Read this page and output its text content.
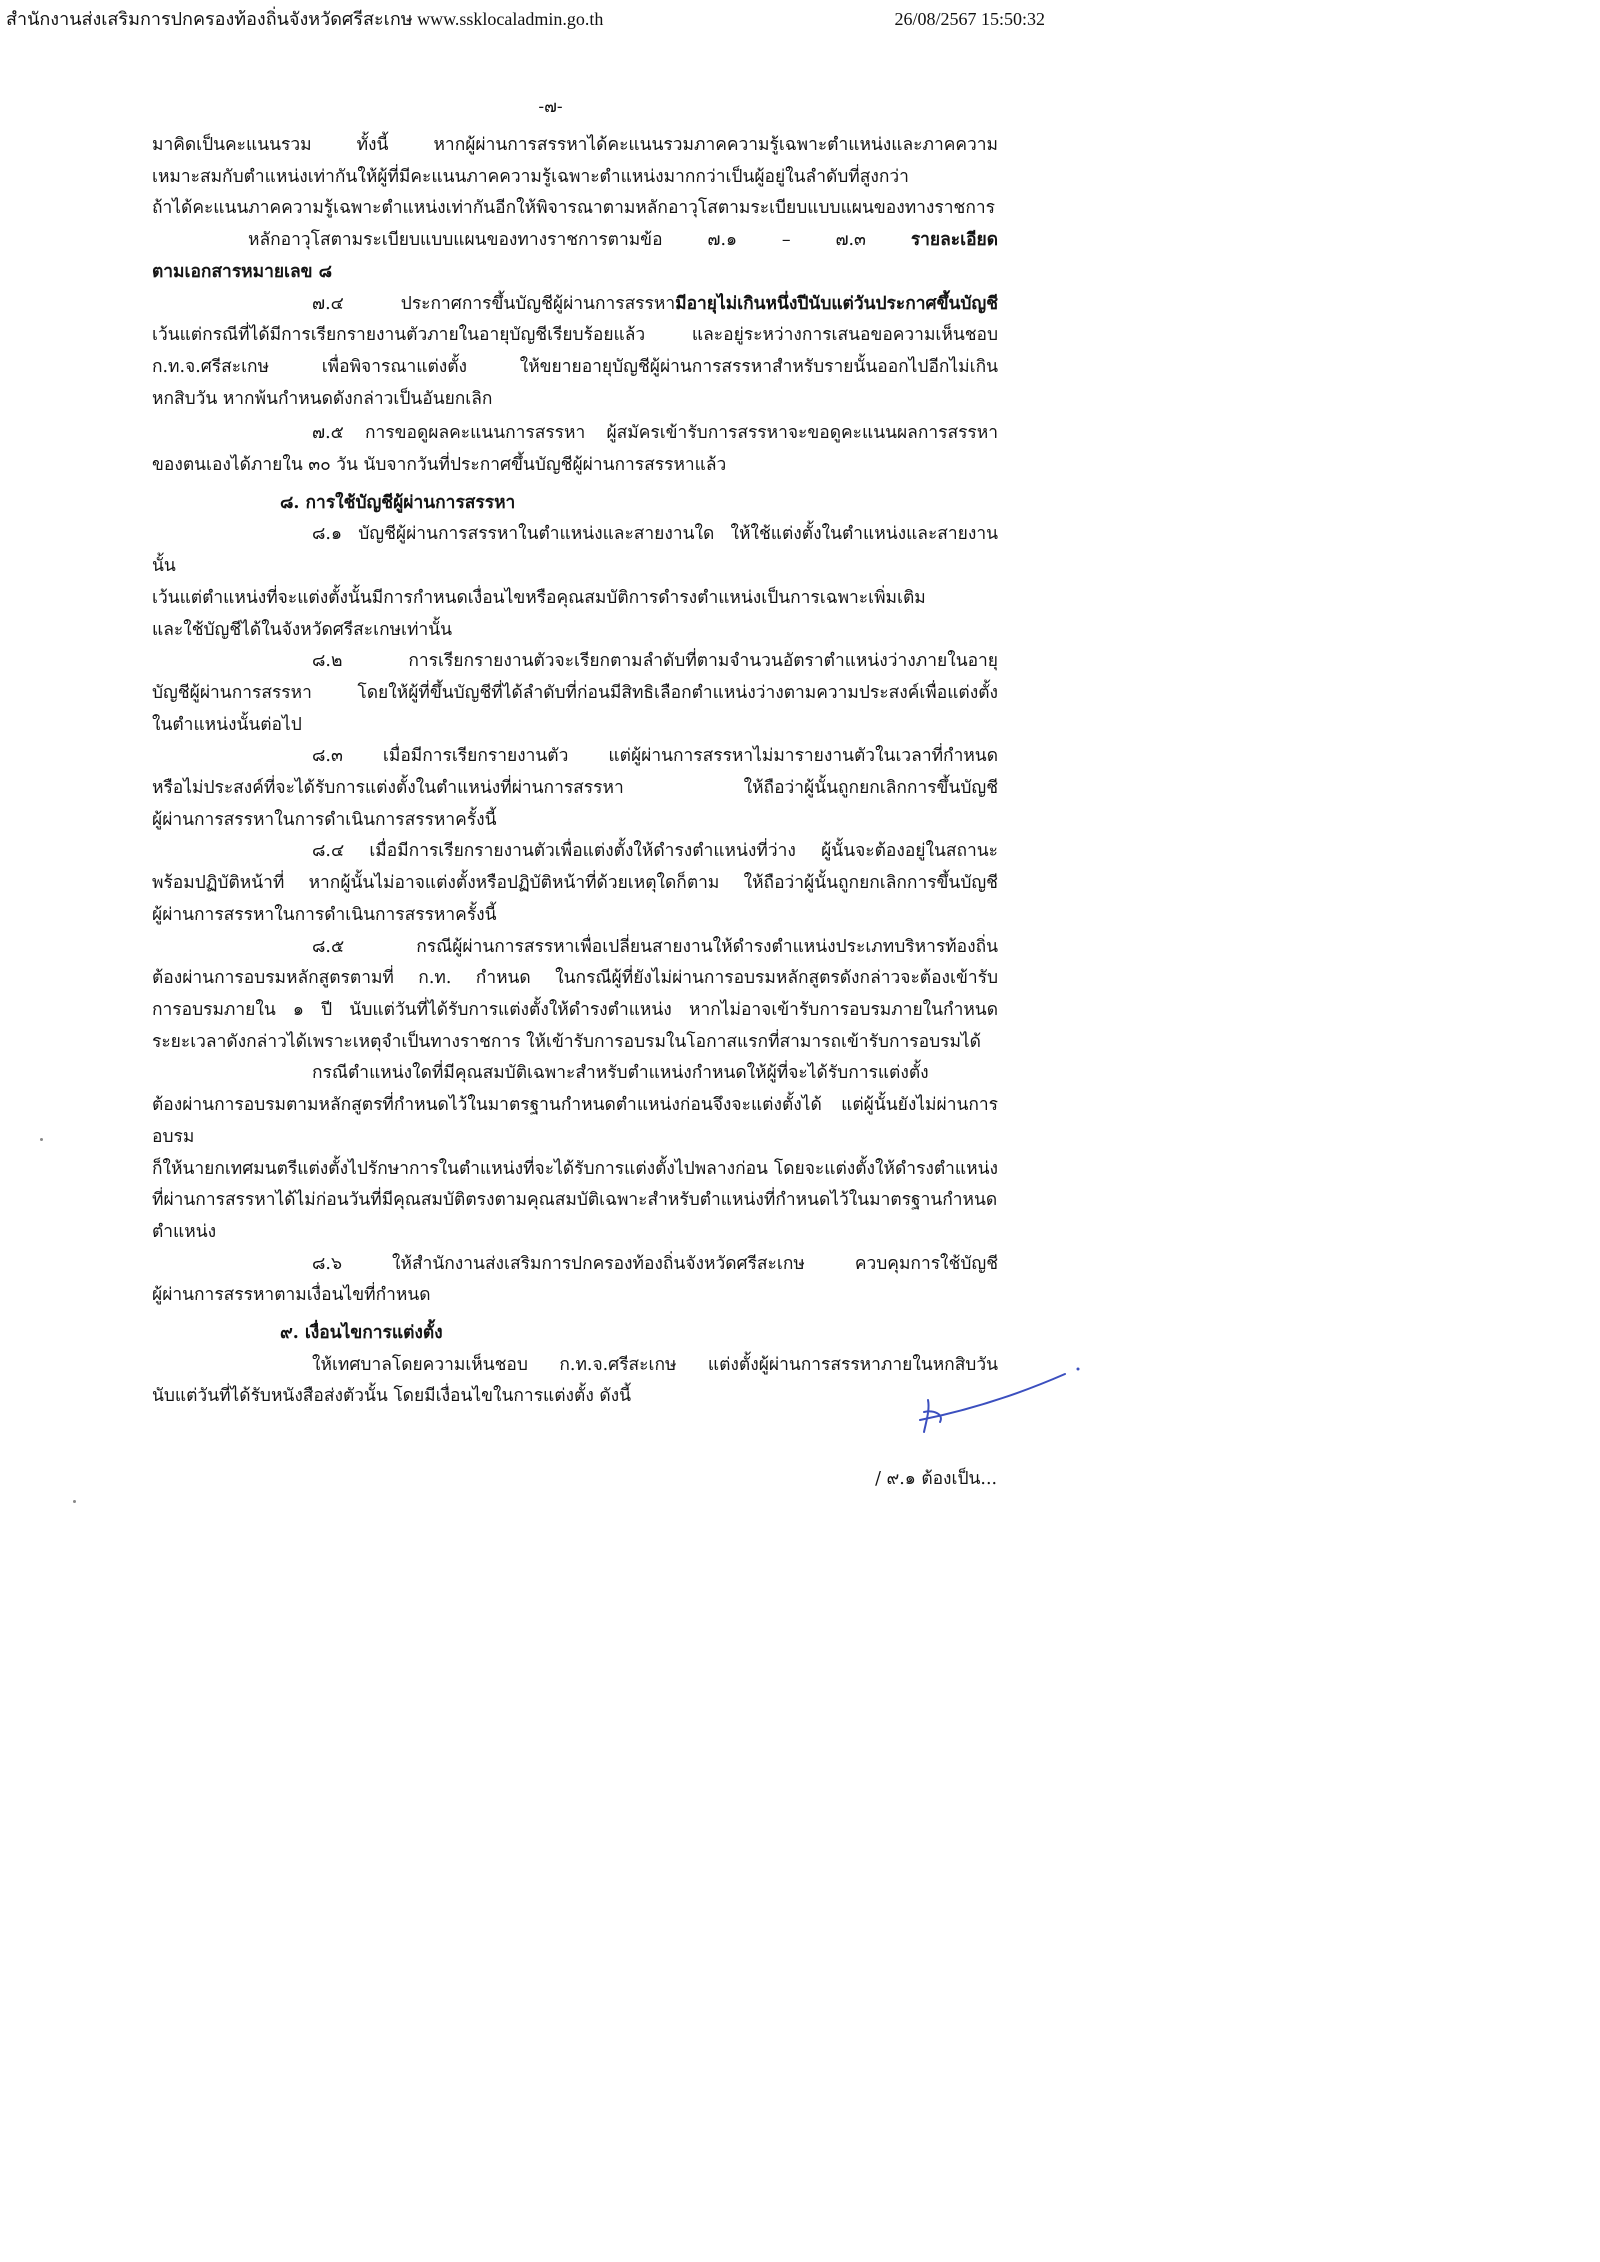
สำนักงานส่งเสริมการปกครองท้องถิ่นจังหวัดศรีสะเกษ www.ssklocaladmin.go.th	26/08/2567 15:50:32
-๗-

มาคิดเป็นคะแนนรวม ทั้งนี้ หากผู้ผ่านการสรรหาได้คะแนนรวมภาคความรู้เฉพาะตำแหน่งและภาคความ

เหมาะสมกับตำแหน่งเท่ากันให้ผู้ที่มีคะแนนภาคความรู้เฉพาะตำแหน่งมากกว่าเป็นผู้อยู่ในลำดับที่สูงกว่า

ถ้าได้คะแนนภาคความรู้เฉพาะตำแหน่งเท่ากันอีกให้พิจารณาตามหลักอาวุโสตามระเบียบแบบแผนของทางราชการ

หลักอาวุโสตามระเบียบแบบแผนของทางราชการตามข้อ ๗.๑ – ๗.๓ รายละเอียด

ตามเอกสารหมายเลข ๘

๗.๔ ประกาศการขึ้นบัญชีผู้ผ่านการสรรหามีอายุไม่เกินหนึ่งปีนับแต่วันประกาศขึ้นบัญชี

เว้นแต่กรณีที่ได้มีการเรียกรายงานตัวภายในอายุบัญชีเรียบร้อยแล้ว และอยู่ระหว่างการเสนอขอความเห็นชอบ

ก.ท.จ.ศรีสะเกษ เพื่อพิจารณาแต่งตั้ง ให้ขยายอายุบัญชีผู้ผ่านการสรรหาสำหรับรายนั้นออกไปอีกไม่เกิน

หกสิบวัน หากพ้นกำหนดดังกล่าวเป็นอันยกเลิก

๗.๕ การขอดูผลคะแนนการสรรหา ผู้สมัครเข้ารับการสรรหาจะขอดูคะแนนผลการสรรหา

ของตนเองได้ภายใน ๓๐ วัน นับจากวันที่ประกาศขึ้นบัญชีผู้ผ่านการสรรหาแล้ว

๘. การใช้บัญชีผู้ผ่านการสรรหา

๘.๑ บัญชีผู้ผ่านการสรรหาในตำแหน่งและสายงานใด ให้ใช้แต่งตั้งในตำแหน่งและสายงานนั้น

เว้นแต่ตำแหน่งที่จะแต่งตั้งนั้นมีการกำหนดเงื่อนไขหรือคุณสมบัติการดำรงตำแหน่งเป็นการเฉพาะเพิ่มเติม

และใช้บัญชีได้ในจังหวัดศรีสะเกษเท่านั้น

๘.๒ การเรียกรายงานตัวจะเรียกตามลำดับที่ตามจำนวนอัตราตำแหน่งว่างภายในอายุ

บัญชีผู้ผ่านการสรรหา โดยให้ผู้ที่ขึ้นบัญชีที่ได้ลำดับที่ก่อนมีสิทธิเลือกตำแหน่งว่างตามความประสงค์เพื่อแต่งตั้ง

ในตำแหน่งนั้นต่อไป

๘.๓ เมื่อมีการเรียกรายงานตัว แต่ผู้ผ่านการสรรหาไม่มารายงานตัวในเวลาที่กำหนด

หรือไม่ประสงค์ที่จะได้รับการแต่งตั้งในตำแหน่งที่ผ่านการสรรหา ให้ถือว่าผู้นั้นถูกยกเลิกการขึ้นบัญชี

ผู้ผ่านการสรรหาในการดำเนินการสรรหาครั้งนี้

๘.๔ เมื่อมีการเรียกรายงานตัวเพื่อแต่งตั้งให้ดำรงตำแหน่งที่ว่าง ผู้นั้นจะต้องอยู่ในสถานะ

พร้อมปฏิบัติหน้าที่ หากผู้นั้นไม่อาจแต่งตั้งหรือปฏิบัติหน้าที่ด้วยเหตุใดก็ตาม ให้ถือว่าผู้นั้นถูกยกเลิกการขึ้นบัญชี

ผู้ผ่านการสรรหาในการดำเนินการสรรหาครั้งนี้

๘.๕ กรณีผู้ผ่านการสรรหาเพื่อเปลี่ยนสายงานให้ดำรงตำแหน่งประเภทบริหารท้องถิ่น

ต้องผ่านการอบรมหลักสูตรตามที่ ก.ท. กำหนด ในกรณีผู้ที่ยังไม่ผ่านการอบรมหลักสูตรดังกล่าวจะต้องเข้ารับ

การอบรมภายใน ๑ ปี นับแต่วันที่ได้รับการแต่งตั้งให้ดำรงตำแหน่ง หากไม่อาจเข้ารับการอบรมภายในกำหนด

ระยะเวลาดังกล่าวได้เพราะเหตุจำเป็นทางราชการ ให้เข้ารับการอบรมในโอกาสแรกที่สามารถเข้ารับการอบรมได้

กรณีตำแหน่งใดที่มีคุณสมบัติเฉพาะสำหรับตำแหน่งกำหนดให้ผู้ที่จะได้รับการแต่งตั้ง

ต้องผ่านการอบรมตามหลักสูตรที่กำหนดไว้ในมาตรฐานกำหนดตำแหน่งก่อนจึงจะแต่งตั้งได้ แต่ผู้นั้นยังไม่ผ่านการอบรม

ก็ให้นายกเทศมนตรีแต่งตั้งไปรักษาการในตำแหน่งที่จะได้รับการแต่งตั้งไปพลางก่อน โดยจะแต่งตั้งให้ดำรงตำแหน่ง

ที่ผ่านการสรรหาได้ไม่ก่อนวันที่มีคุณสมบัติตรงตามคุณสมบัติเฉพาะสำหรับตำแหน่งที่กำหนดไว้ในมาตรฐานกำหนด

ตำแหน่ง

๘.๖ ให้สำนักงานส่งเสริมการปกครองท้องถิ่นจังหวัดศรีสะเกษ ควบคุมการใช้บัญชี

ผู้ผ่านการสรรหาตามเงื่อนไขที่กำหนด

๙. เงื่อนไขการแต่งตั้ง

ให้เทศบาลโดยความเห็นชอบ ก.ท.จ.ศรีสะเกษ แต่งตั้งผู้ผ่านการสรรหาภายในหกสิบวัน

นับแต่วันที่ได้รับหนังสือส่งตัวนั้น โดยมีเงื่อนไขในการแต่งตั้ง ดังนี้

/ ๙.๑ ต้องเป็น...
